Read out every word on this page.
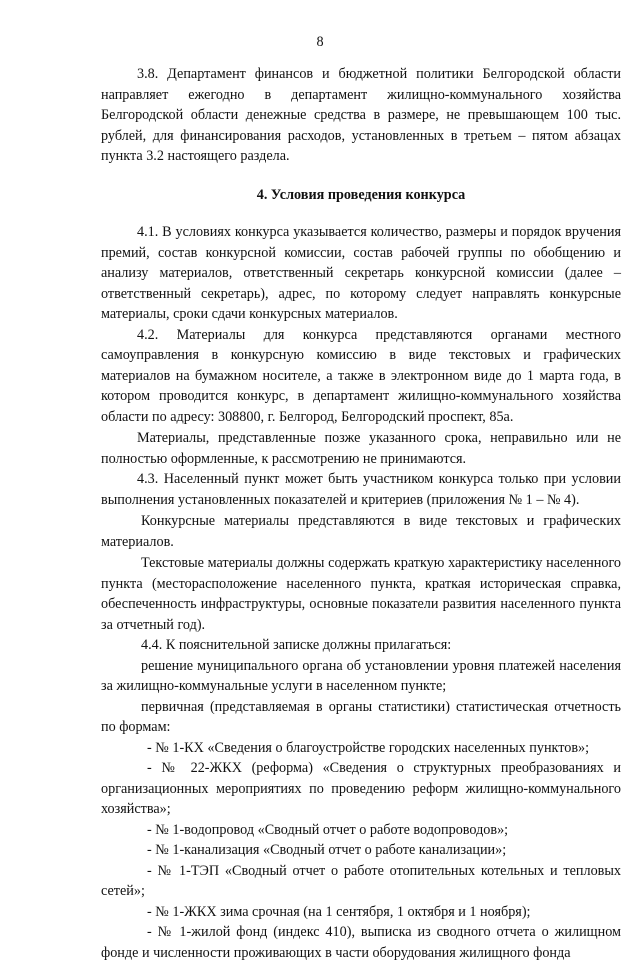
8

3.8. Департамент финансов и бюджетной политики Белгородской области направляет ежегодно в департамент жилищно-коммунального хозяйства Белгородской области денежные средства в размере, не превышающем 100 тыс. рублей, для финансирования расходов, установленных в третьем – пятом абзацах пункта 3.2 настоящего раздела.

4. Условия проведения конкурса

4.1. В условиях конкурса указывается количество, размеры и порядок вручения премий, состав конкурсной комиссии, состав рабочей группы по обобщению и анализу материалов, ответственный секретарь конкурсной комиссии (далее – ответственный секретарь), адрес, по которому следует направлять конкурсные материалы, сроки сдачи конкурсных материалов.

4.2. Материалы для конкурса представляются органами местного самоуправления в конкурсную комиссию в виде текстовых и графических материалов на бумажном носителе, а также в электронном виде до 1 марта года, в котором проводится конкурс, в департамент жилищно-коммунального хозяйства области по адресу: 308800, г. Белгород, Белгородский проспект, 85а.

Материалы, представленные позже указанного срока, неправильно или не полностью оформленные, к рассмотрению не принимаются.

4.3. Населенный пункт может быть участником конкурса только при условии выполнения установленных показателей и критериев (приложения № 1 – № 4).

Конкурсные материалы представляются в виде текстовых и графических материалов.

Текстовые материалы должны содержать краткую характеристику населенного пункта (месторасположение населенного пункта, краткая историческая справка, обеспеченность инфраструктуры, основные показатели развития населенного пункта за отчетный год).

4.4. К пояснительной записке должны прилагаться:

решение муниципального органа об установлении уровня платежей населения за жилищно-коммунальные услуги в населенном пункте;

первичная (представляемая в органы статистики) статистическая отчетность по формам:

- № 1-КХ «Сведения о благоустройстве городских населенных пунктов»;

- № 22-ЖКХ (реформа) «Сведения о структурных преобразованиях и организационных мероприятиях по проведению реформ жилищно-коммунального хозяйства»;

- № 1-водопровод «Сводный отчет о работе водопроводов»;

- № 1-канализация «Сводный отчет о работе канализации»;

- № 1-ТЭП «Сводный отчет о работе отопительных котельных и тепловых сетей»;

- № 1-ЖКХ зима срочная (на 1 сентября, 1 октября и 1 ноября);

- № 1-жилой фонд (индекс 410), выписка из сводного отчета о жилищном фонде и численности проживающих в части оборудования жилищного фонда
